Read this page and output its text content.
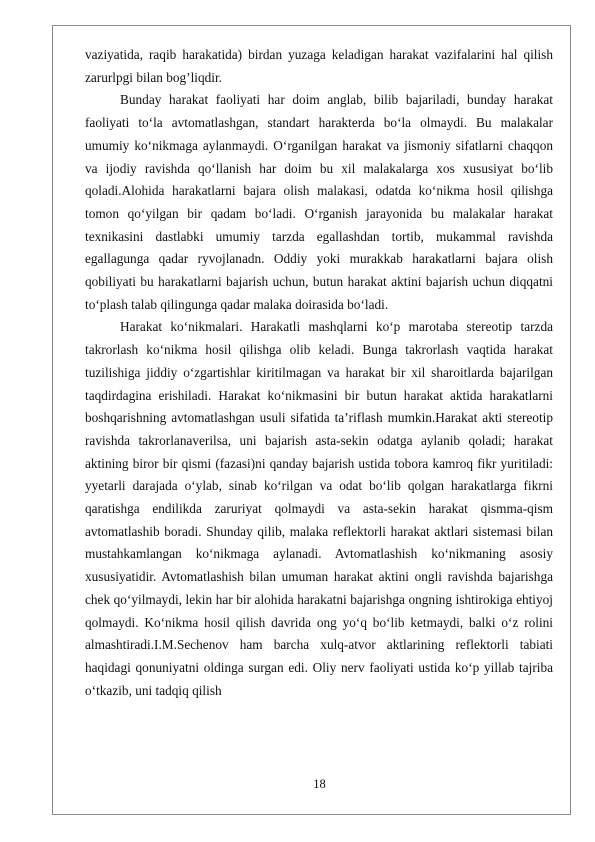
vaziyatida, raqib harakatida) birdan yuzaga keladigan harakat vazifalarini hal qilish zarurlpgi bilan bog’liqdir.

Bunday harakat faoliyati har doim anglab, bilib bajariladi, bunday harakat faoliyati to‘la avtomatlashgan, standart harakterda bo‘la olmaydi. Bu malakalar umumiy ko‘nikmaga aylanmaydi. O‘rganilgan harakat va jismoniy sifatlarni chaqqon va ijodiy ravishda qo‘llanish har doim bu xil malakalarga xos xususiyat bo‘lib qoladi.Alohida harakatlarni bajara olish malakasi, odatda ko‘nikma hosil qilishga tomon qo‘yilgan bir qadam bo‘ladi. O‘rganish jarayonida bu malakalar harakat texnikasini dastlabki umumiy tarzda egallashdan tortib, mukammal ravishda egallagunga qadar ryvojlanadn. Oddiy yoki murakkab harakatlarni bajara olish qobiliyati bu harakatlarni bajarish uchun, butun harakat aktini bajarish uchun diqqatni to‘plash talab qilingunga qadar malaka doirasida bo‘ladi.

Harakat ko‘nikmalari. Harakatli mashqlarni ko‘p marotaba stereotip tarzda takrorlash ko‘nikma hosil qilishga olib keladi. Bunga takrorlash vaqtida harakat tuzilishiga jiddiy o‘zgartishlar kiritilmagan va harakat bir xil sharoitlarda bajarilgan taqdirdagina erishiladi. Harakat ko‘nikmasini bir butun harakat aktida harakatlarni boshqarishning avtomatlashgan usuli sifatida ta’riflash mumkin.Harakat akti stereotip ravishda takrorlanaverilsa, uni bajarish asta-sekin odatga aylanib qoladi; harakat aktining biror bir qismi (fazasi)ni qanday bajarish ustida tobora kamroq fikr yuritiladi: yyetarli darajada o‘ylab, sinab ko‘rilgan va odat bo‘lib qolgan harakatlarga fikrni qaratishga endilikda zaruriyat qolmaydi va asta-sekin harakat qismma-qism avtomatlashib boradi. Shunday qilib, malaka reflektorli harakat aktlari sistemasi bilan mustahkamlangan ko‘nikmaga aylanadi. Avtomatlashish ko‘nikmaning asosiy xususiyatidir. Avtomatlashish bilan umuman harakat aktini ongli ravishda bajarishga chek qo‘yilmaydi, lekin har bir alohida harakatni bajarishga ongning ishtirokiga ehtiyoj qolmaydi. Ko‘nikma hosil qilish davrida ong yo‘q bo‘lib ketmaydi, balki o‘z rolini almashtiradi.I.M.Sechenov ham barcha xulq-atvor aktlarining reflektorli tabiati haqidagi qonuniyatni oldinga surgan edi. Oliy nerv faoliyati ustida ko‘p yillab tajriba o‘tkazib, uni tadqiq qilish

18
